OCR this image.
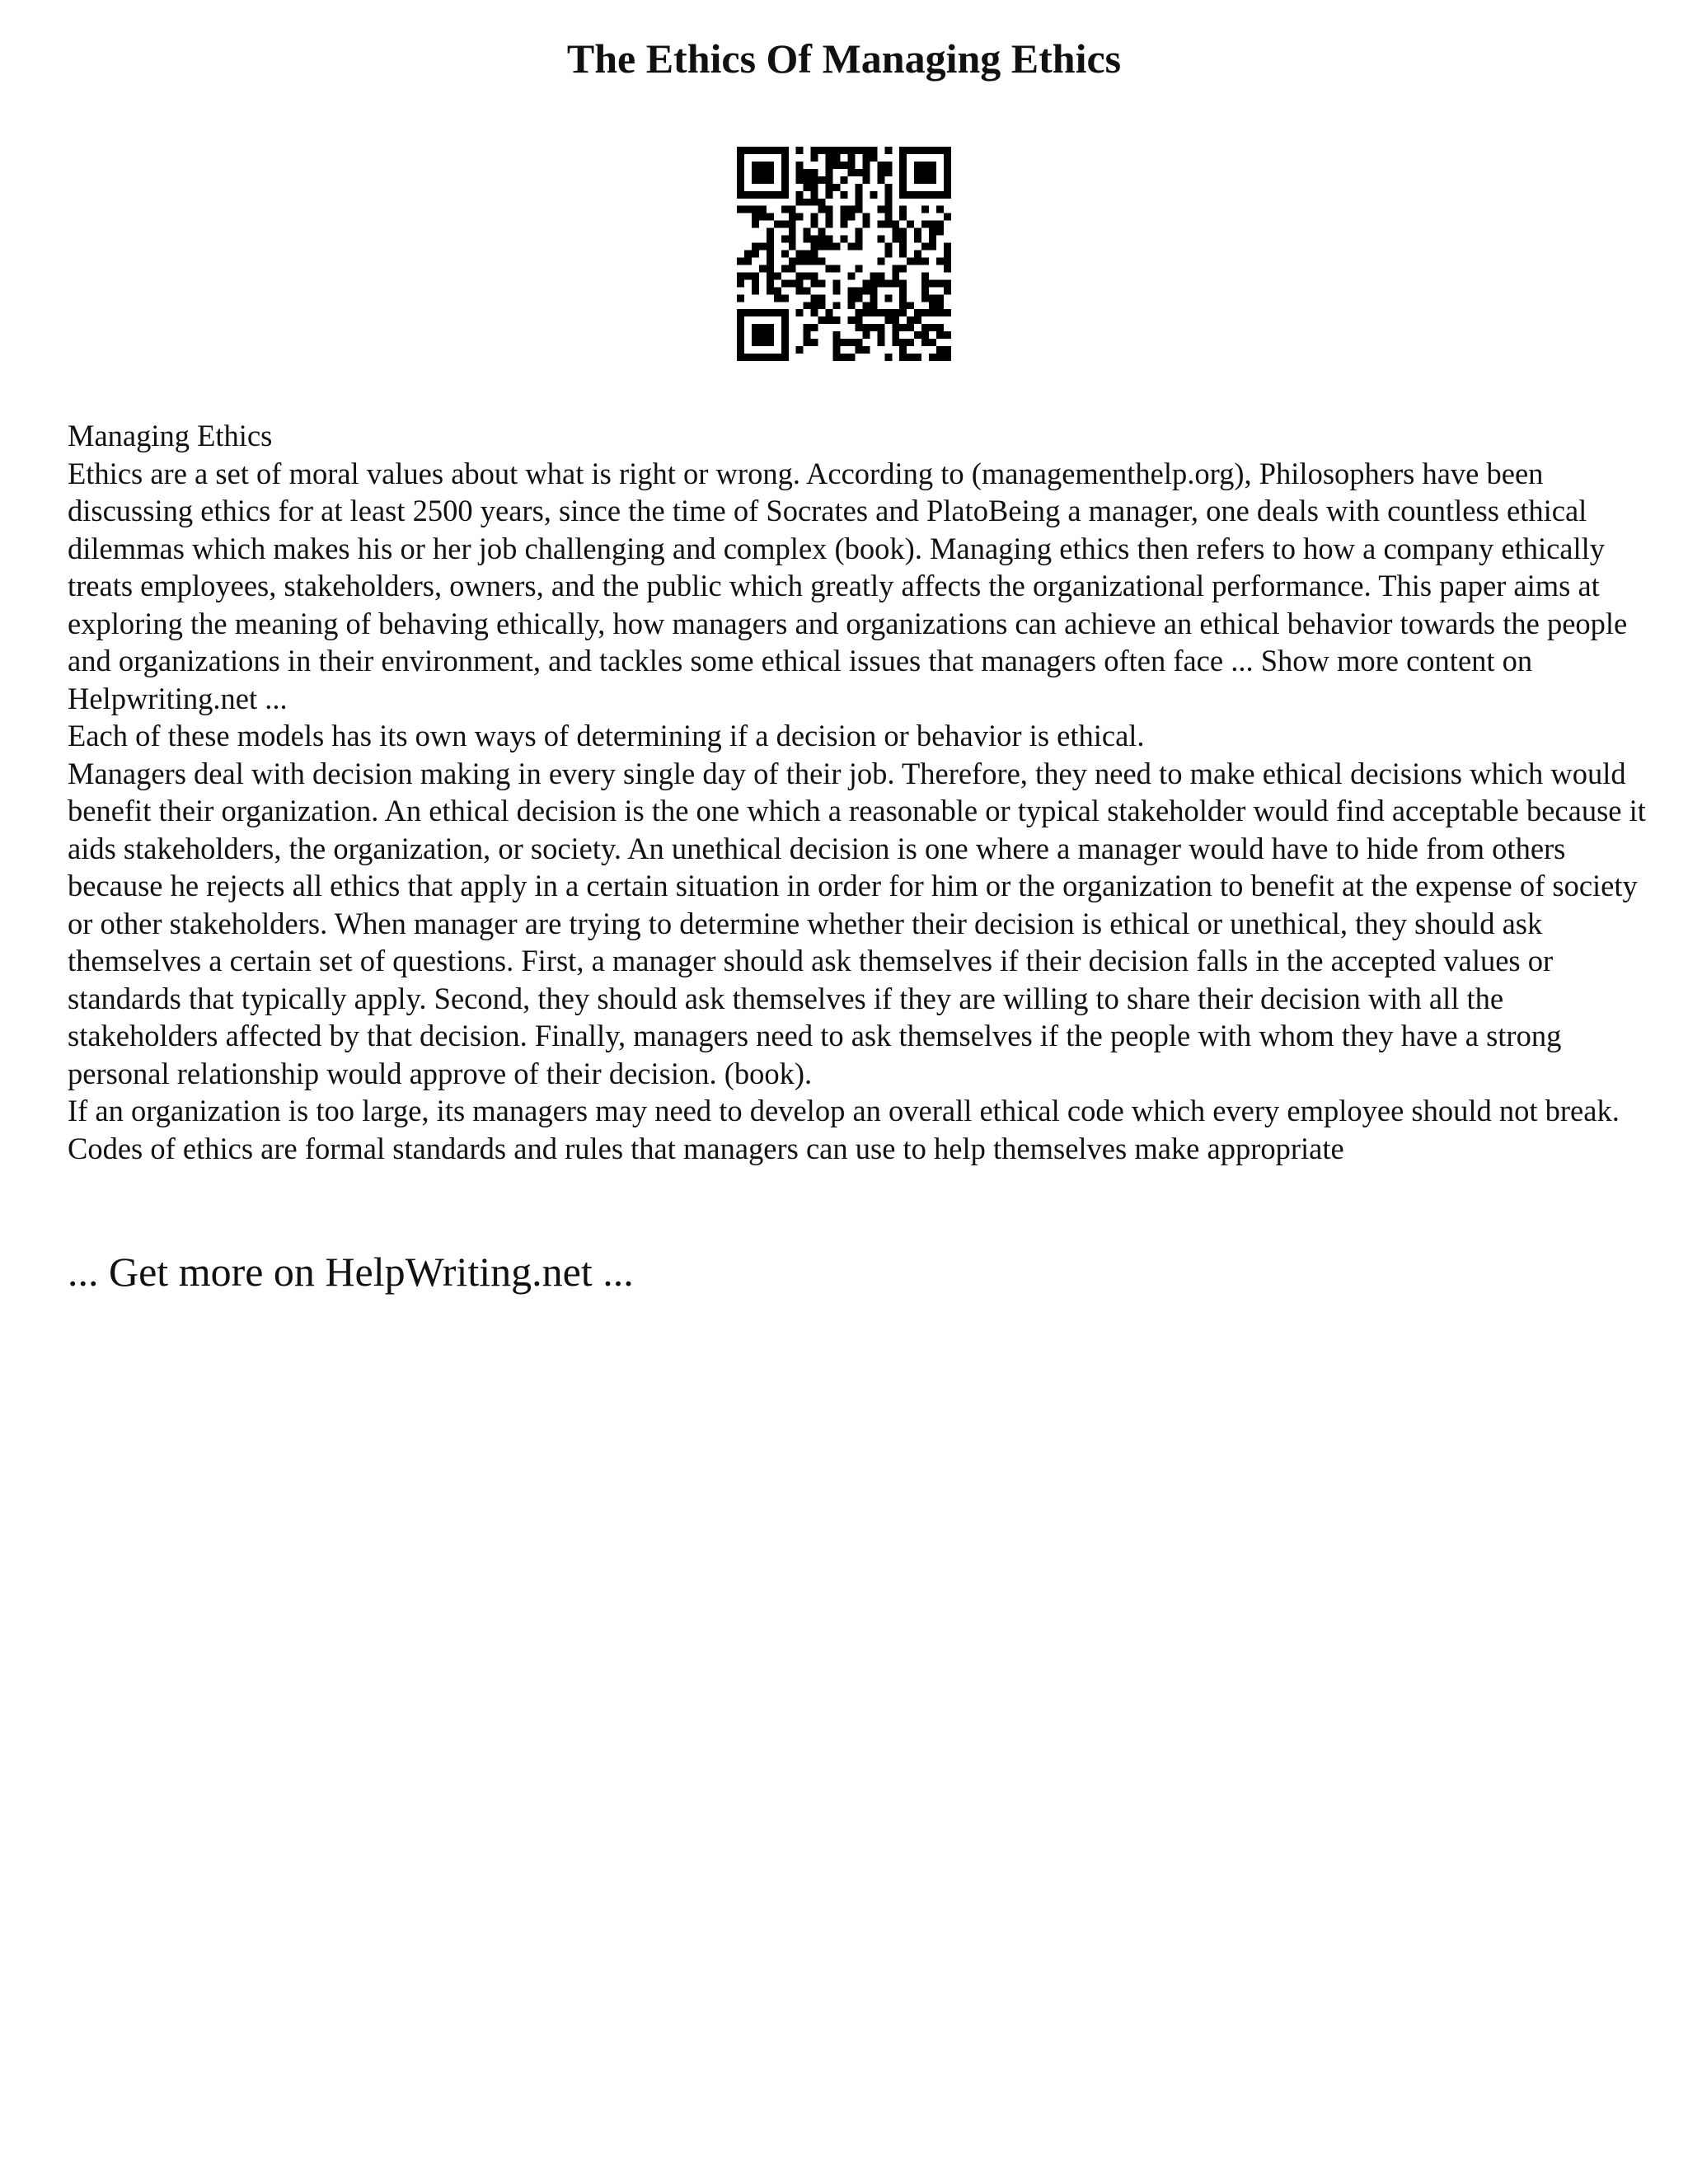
The Ethics Of Managing Ethics

Managing Ethics

Ethics are a set of moral values about what is right or wrong. According to (managementhelp.org), Philosophers have been discussing ethics for at least 2500 years, since the time of Socrates and PlatoBeing a manager, one deals with countless ethical dilemmas which makes his or her job challenging and complex (book). Managing ethics then refers to how a company ethically treats employees, stakeholders, owners, and the public which greatly affects the organizational performance. This paper aims at exploring the meaning of behaving ethically, how managers and organizations can achieve an ethical behavior towards the people and organizations in their environment, and tackles some ethical issues that managers often face ... Show more content on Helpwriting.net ...

Each of these models has its own ways of determining if a decision or behavior is ethical.

Managers deal with decision making in every single day of their job. Therefore, they need to make ethical decisions which would benefit their organization. An ethical decision is the one which a reasonable or typical stakeholder would find acceptable because it aids stakeholders, the organization, or society. An unethical decision is one where a manager would have to hide from others because he rejects all ethics that apply in a certain situation in order for him or the organization to benefit at the expense of society or other stakeholders. When manager are trying to determine whether their decision is ethical or unethical, they should ask themselves a certain set of questions. First, a manager should ask themselves if their decision falls in the accepted values or standards that typically apply. Second, they should ask themselves if they are willing to share their decision with all the stakeholders affected by that decision. Finally, managers need to ask themselves if the people with whom they have a strong personal relationship would approve of their decision. (book).

If an organization is too large, its managers may need to develop an overall ethical code which every employee should not break. Codes of ethics are formal standards and rules that managers can use to help themselves make appropriate

... Get more on HelpWriting.net ...
